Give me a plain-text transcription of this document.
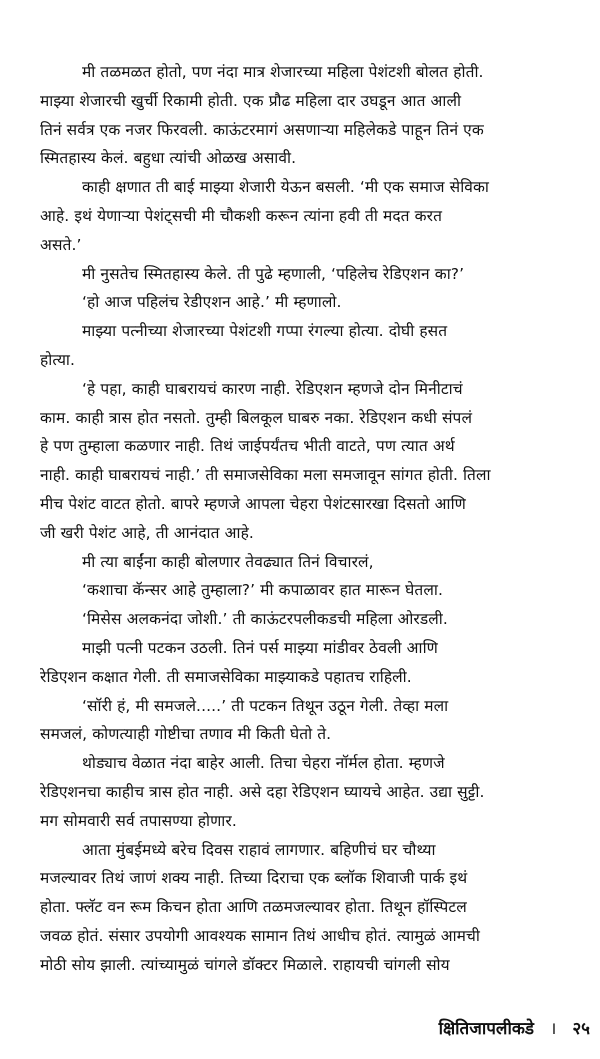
मी तळमळत होतो, पण नंदा मात्र शेजारच्या महिला पेशंटशी बोलत होती.
माझ्या शेजारची खुर्ची रिकामी होती. एक प्रौढ महिला दार उघडून आत आली
तिनं सर्वत्र एक नजर फिरवली. काऊंटरमागं असणाऱ्या महिलेकडे पाहून तिनं एक
स्मितहास्य केलं. बहुधा त्यांची ओळख असावी.
काही क्षणात ती बाई माझ्या शेजारी येऊन बसली. ‘मी एक समाज सेविका
आहे. इथं येणाऱ्या पेशंट्सची मी चौकशी करून त्यांना हवी ती मदत करत
असते.’
मी नुसतेच स्मितहास्य केले. ती पुढे म्हणाली, ‘पहिलेच रेडिएशन का?’
‘हो आज पहिलंच रेडीएशन आहे.’ मी म्हणालो.
माझ्या पत्नीच्या शेजारच्या पेशंटशी गप्पा रंगल्या होत्या. दोघी हसत
होत्या.
‘हे पहा, काही घाबरायचं कारण नाही. रेडिएशन म्हणजे दोन मिनीटाचं
काम. काही त्रास होत नसतो. तुम्ही बिलकूल घाबरु नका. रेडिएशन कधी संपलं
हे पण तुम्हाला कळणार नाही. तिथं जाईपर्यंतच भीती वाटते, पण त्यात अर्थ
नाही. काही घाबरायचं नाही.’ ती समाजसेविका मला समजावून सांगत होती. तिला
मीच पेशंट वाटत होतो. बापरे म्हणजे आपला चेहरा पेशंटसारखा दिसतो आणि
जी खरी पेशंट आहे, ती आनंदात आहे.
मी त्या बाईंना काही बोलणार तेवढ्यात तिनं विचारलं,
‘कशाचा कॅन्सर आहे तुम्हाला?’ मी कपाळावर हात मारून घेतला.
‘मिसेस अलकनंदा जोशी.’ ती काऊंटरपलीकडची महिला ओरडली.
माझी पत्नी पटकन उठली. तिनं पर्स माझ्या मांडीवर ठेवली आणि
रेडिएशन कक्षात गेली. ती समाजसेविका माझ्याकडे पहातच राहिली.
‘सॉरी हं, मी समजले.....’ ती पटकन तिथून उठून गेली. तेव्हा मला
समजलं, कोणत्याही गोष्टीचा तणाव मी किती घेतो ते.
थोड्याच वेळात नंदा बाहेर आली. तिचा चेहरा नॉर्मल होता. म्हणजे
रेडिएशनचा काहीच त्रास होत नाही. असे दहा रेडिएशन घ्यायचे आहेत. उद्या सुट्टी.
मग सोमवारी सर्व तपासण्या होणार.
आता मुंबईमध्ये बरेच दिवस राहावं लागणार. बहिणीचं घर चौथ्या
मजल्यावर तिथं जाणं शक्य नाही. तिच्या दिराचा एक ब्लॉक शिवाजी पार्क इथं
होता. फ्लॅट वन रूम किचन होता आणि तळमजल्यावर होता. तिथून हॉस्पिटल
जवळ होतं. संसार उपयोगी आवश्यक सामान तिथं आधीच होतं. त्यामुळं आमची
मोठी सोय झाली. त्यांच्यामुळं चांगले डॉक्टर मिळाले. राहायची चांगली सोय
क्षितिजापलीकडे । २५
